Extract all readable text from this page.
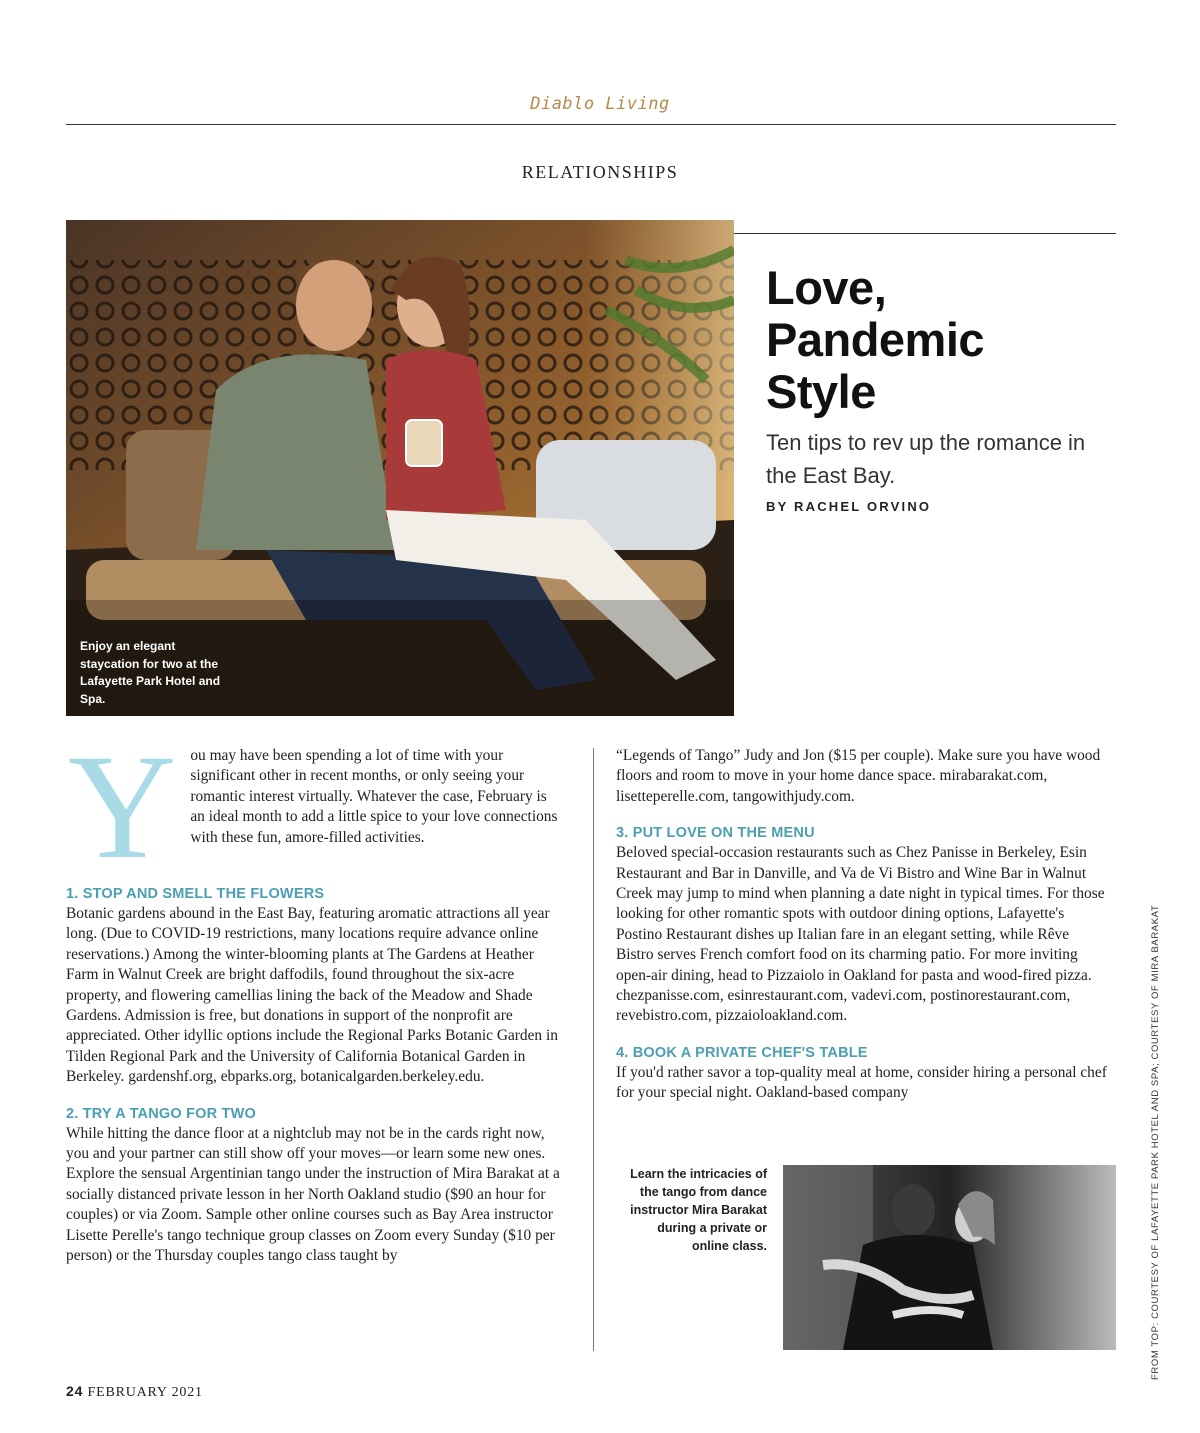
Diablo Living
RELATIONSHIPS
Enjoy an elegant staycation for two at the Lafayette Park Hotel and Spa.
Love,
Pandemic
Style
Ten tips to rev up the romance in the East Bay.
BY RACHEL ORVINO
Y ou may have been spending a lot of time with your significant other in recent months, or only seeing your romantic interest virtually. Whatever the case, February is an ideal month to add a little spice to your love connections with these fun, amore-filled activities.

1. STOP AND SMELL THE FLOWERS

Botanic gardens abound in the East Bay, featuring aromatic attractions all year long. (Due to COVID-19 restrictions, many locations require advance online reservations.) Among the winter-blooming plants at The Gardens at Heather Farm in Walnut Creek are bright daffodils, found throughout the six-acre property, and flowering camellias lining the back of the Meadow and Shade Gardens. Admission is free, but donations in support of the nonprofit are appreciated. Other idyllic options include the Regional Parks Botanic Garden in Tilden Regional Park and the University of California Botanical Garden in Berkeley. gardenshf.org, ebparks.org, botanicalgarden.berkeley.edu.

2. TRY A TANGO FOR TWO

While hitting the dance floor at a nightclub may not be in the cards right now, you and your partner can still show off your moves—or learn some new ones. Explore the sensual Argentinian tango under the instruction of Mira Barakat at a socially distanced private lesson in her North Oakland studio ($90 an hour for couples) or via Zoom. Sample other online courses such as Bay Area instructor Lisette Perelle's tango technique group classes on Zoom every Sunday ($10 per person) or the Thursday couples tango class taught by

“Legends of Tango” Judy and Jon ($15 per couple). Make sure you have wood floors and room to move in your home dance space. mirabarakat.com, lisetteperelle.com, tangowithjudy.com.

3. PUT LOVE ON THE MENU

Beloved special-occasion restaurants such as Chez Panisse in Berkeley, Esin Restaurant and Bar in Danville, and Va de Vi Bistro and Wine Bar in Walnut Creek may jump to mind when planning a date night in typical times. For those looking for other romantic spots with outdoor dining options, Lafayette's Postino Restaurant dishes up Italian fare in an elegant setting, while Rêve Bistro serves French comfort food on its charming patio. For more inviting open-air dining, head to Pizzaiolo in Oakland for pasta and wood-fired pizza. chezpanisse.com, esinrestaurant.com, vadevi.com, postinorestaurant.com, revebistro.com, pizzaioloakland.com.

4. BOOK A PRIVATE CHEF'S TABLE

If you'd rather savor a top-quality meal at home, consider hiring a personal chef for your special night. Oakland-based company

Learn the intricacies of the tango from dance instructor Mira Barakat during a private or online class.	FROM TOP: COURTESY OF LAFAYETTE PARK HOTEL AND SPA; COURTESY OF MIRA BARAKAT
24 FEBRUARY 2021
